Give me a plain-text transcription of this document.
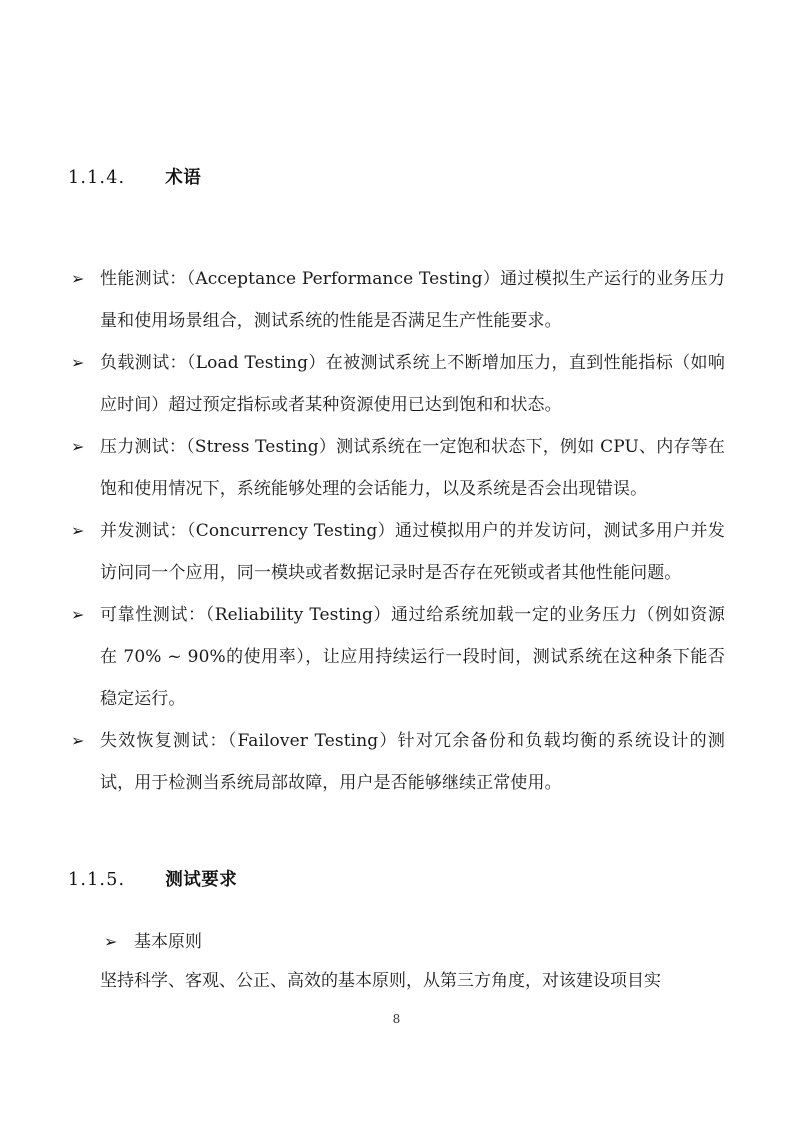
1.1.4. 术语
➢ 性能测试：（Acceptance Performance Testing）通过模拟生产运行的业务压力量和使用场景组合，测试系统的性能是否满足生产性能要求。
➢ 负载测试：（Load Testing）在被测试系统上不断增加压力，直到性能指标（如响应时间）超过预定指标或者某种资源使用已达到饱和和状态。
➢ 压力测试：（Stress Testing）测试系统在一定饱和状态下，例如 CPU、内存等在饱和使用情况下，系统能够处理的会话能力，以及系统是否会出现错误。
➢ 并发测试：（Concurrency Testing）通过模拟用户的并发访问，测试多用户并发访问同一个应用，同一模块或者数据记录时是否存在死锁或者其他性能问题。
➢ 可靠性测试：（Reliability Testing）通过给系统加载一定的业务压力（例如资源在 70% ~ 90%的使用率），让应用持续运行一段时间，测试系统在这种条下能否稳定运行。
➢ 失效恢复测试：（Failover Testing）针对冗余备份和负载均衡的系统设计的测试，用于检测当系统局部故障，用户是否能够继续正常使用。
1.1.5. 测试要求
➢ 基本原则
坚持科学、客观、公正、高效的基本原则，从第三方角度，对该建设项目实
8
